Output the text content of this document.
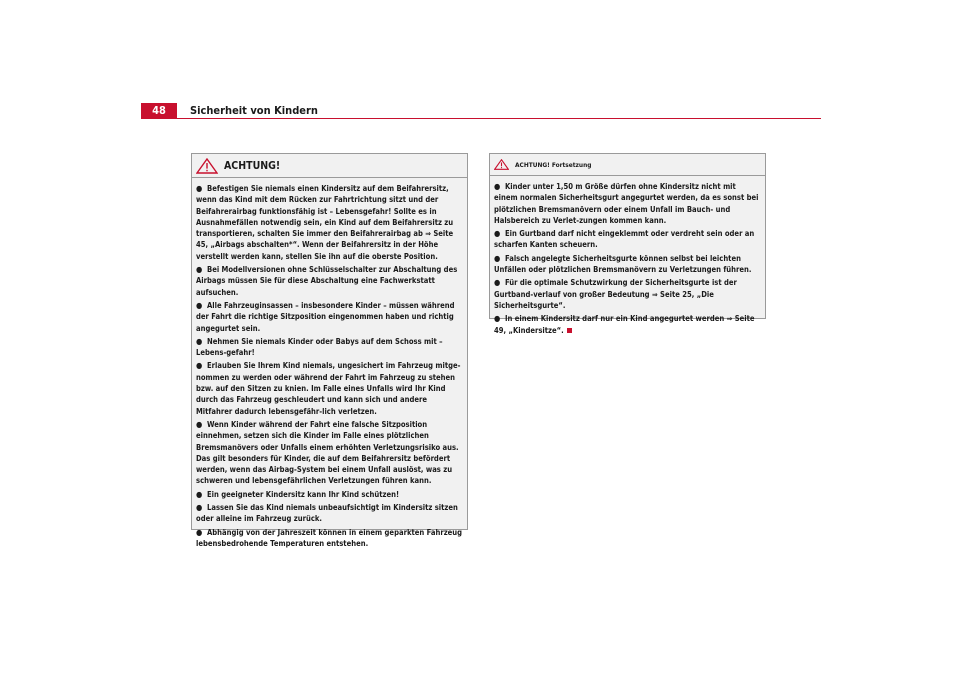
48	Sicherheit von Kindern
ACHTUNG!
● Befestigen Sie niemals einen Kindersitz auf dem Beifahrersitz, wenn das Kind mit dem Rücken zur Fahrtrichtung sitzt und der Beifahrerairbag funktionsfähig ist – Lebensgefahr! Sollte es in Ausnahmefällen notwendig sein, ein Kind auf dem Beifahrersitz zu transportieren, schalten Sie immer den Beifahrerairbag ab ⇒ Seite 45, „Airbags abschalten*“. Wenn der Beifahrersitz in der Höhe verstellt werden kann, stellen Sie ihn auf die oberste Position.
● Bei Modellversionen ohne Schlüsselschalter zur Abschaltung des Airbags müssen Sie für diese Abschaltung eine Fachwerkstatt aufsuchen.
● Alle Fahrzeuginsassen – insbesondere Kinder – müssen während der Fahrt die richtige Sitzposition eingenommen haben und richtig angegurtet sein.
● Nehmen Sie niemals Kinder oder Babys auf dem Schoss mit – Lebens-gefahr!
● Erlauben Sie Ihrem Kind niemals, ungesichert im Fahrzeug mitge-nommen zu werden oder während der Fahrt im Fahrzeug zu stehen bzw. auf den Sitzen zu knien. Im Falle eines Unfalls wird Ihr Kind durch das Fahrzeug geschleudert und kann sich und andere Mitfahrer dadurch lebensgefähr-lich verletzen.
● Wenn Kinder während der Fahrt eine falsche Sitzposition einnehmen, setzen sich die Kinder im Falle eines plötzlichen Bremsmanövers oder Unfalls einem erhöhten Verletzungsrisiko aus. Das gilt besonders für Kinder, die auf dem Beifahrersitz befördert werden, wenn das Airbag-System bei einem Unfall auslöst, was zu schweren und lebensgefährlichen Verletzungen führen kann.
● Ein geeigneter Kindersitz kann Ihr Kind schützen!
● Lassen Sie das Kind niemals unbeaufsichtigt im Kindersitz sitzen oder alleine im Fahrzeug zurück.
● Abhängig von der Jahreszeit können in einem geparkten Fahrzeug lebensbedrohende Temperaturen entstehen.
ACHTUNG! Fortsetzung
● Kinder unter 1,50 m Größe dürfen ohne Kindersitz nicht mit einem normalen Sicherheitsgurt angegurtet werden, da es sonst bei plötzlichen Bremsmanövern oder einem Unfall im Bauch- und Halsbereich zu Verlet-zungen kommen kann.
● Ein Gurtband darf nicht eingeklemmt oder verdreht sein oder an scharfen Kanten scheuern.
● Falsch angelegte Sicherheitsgurte können selbst bei leichten Unfällen oder plötzlichen Bremsmanövern zu Verletzungen führen.
● Für die optimale Schutzwirkung der Sicherheitsgurte ist der Gurtband-verlauf von großer Bedeutung ⇒ Seite 25, „Die Sicherheitsgurte“.
● In einem Kindersitz darf nur ein Kind angegurtet werden ⇒ Seite 49, „Kindersitze“.
